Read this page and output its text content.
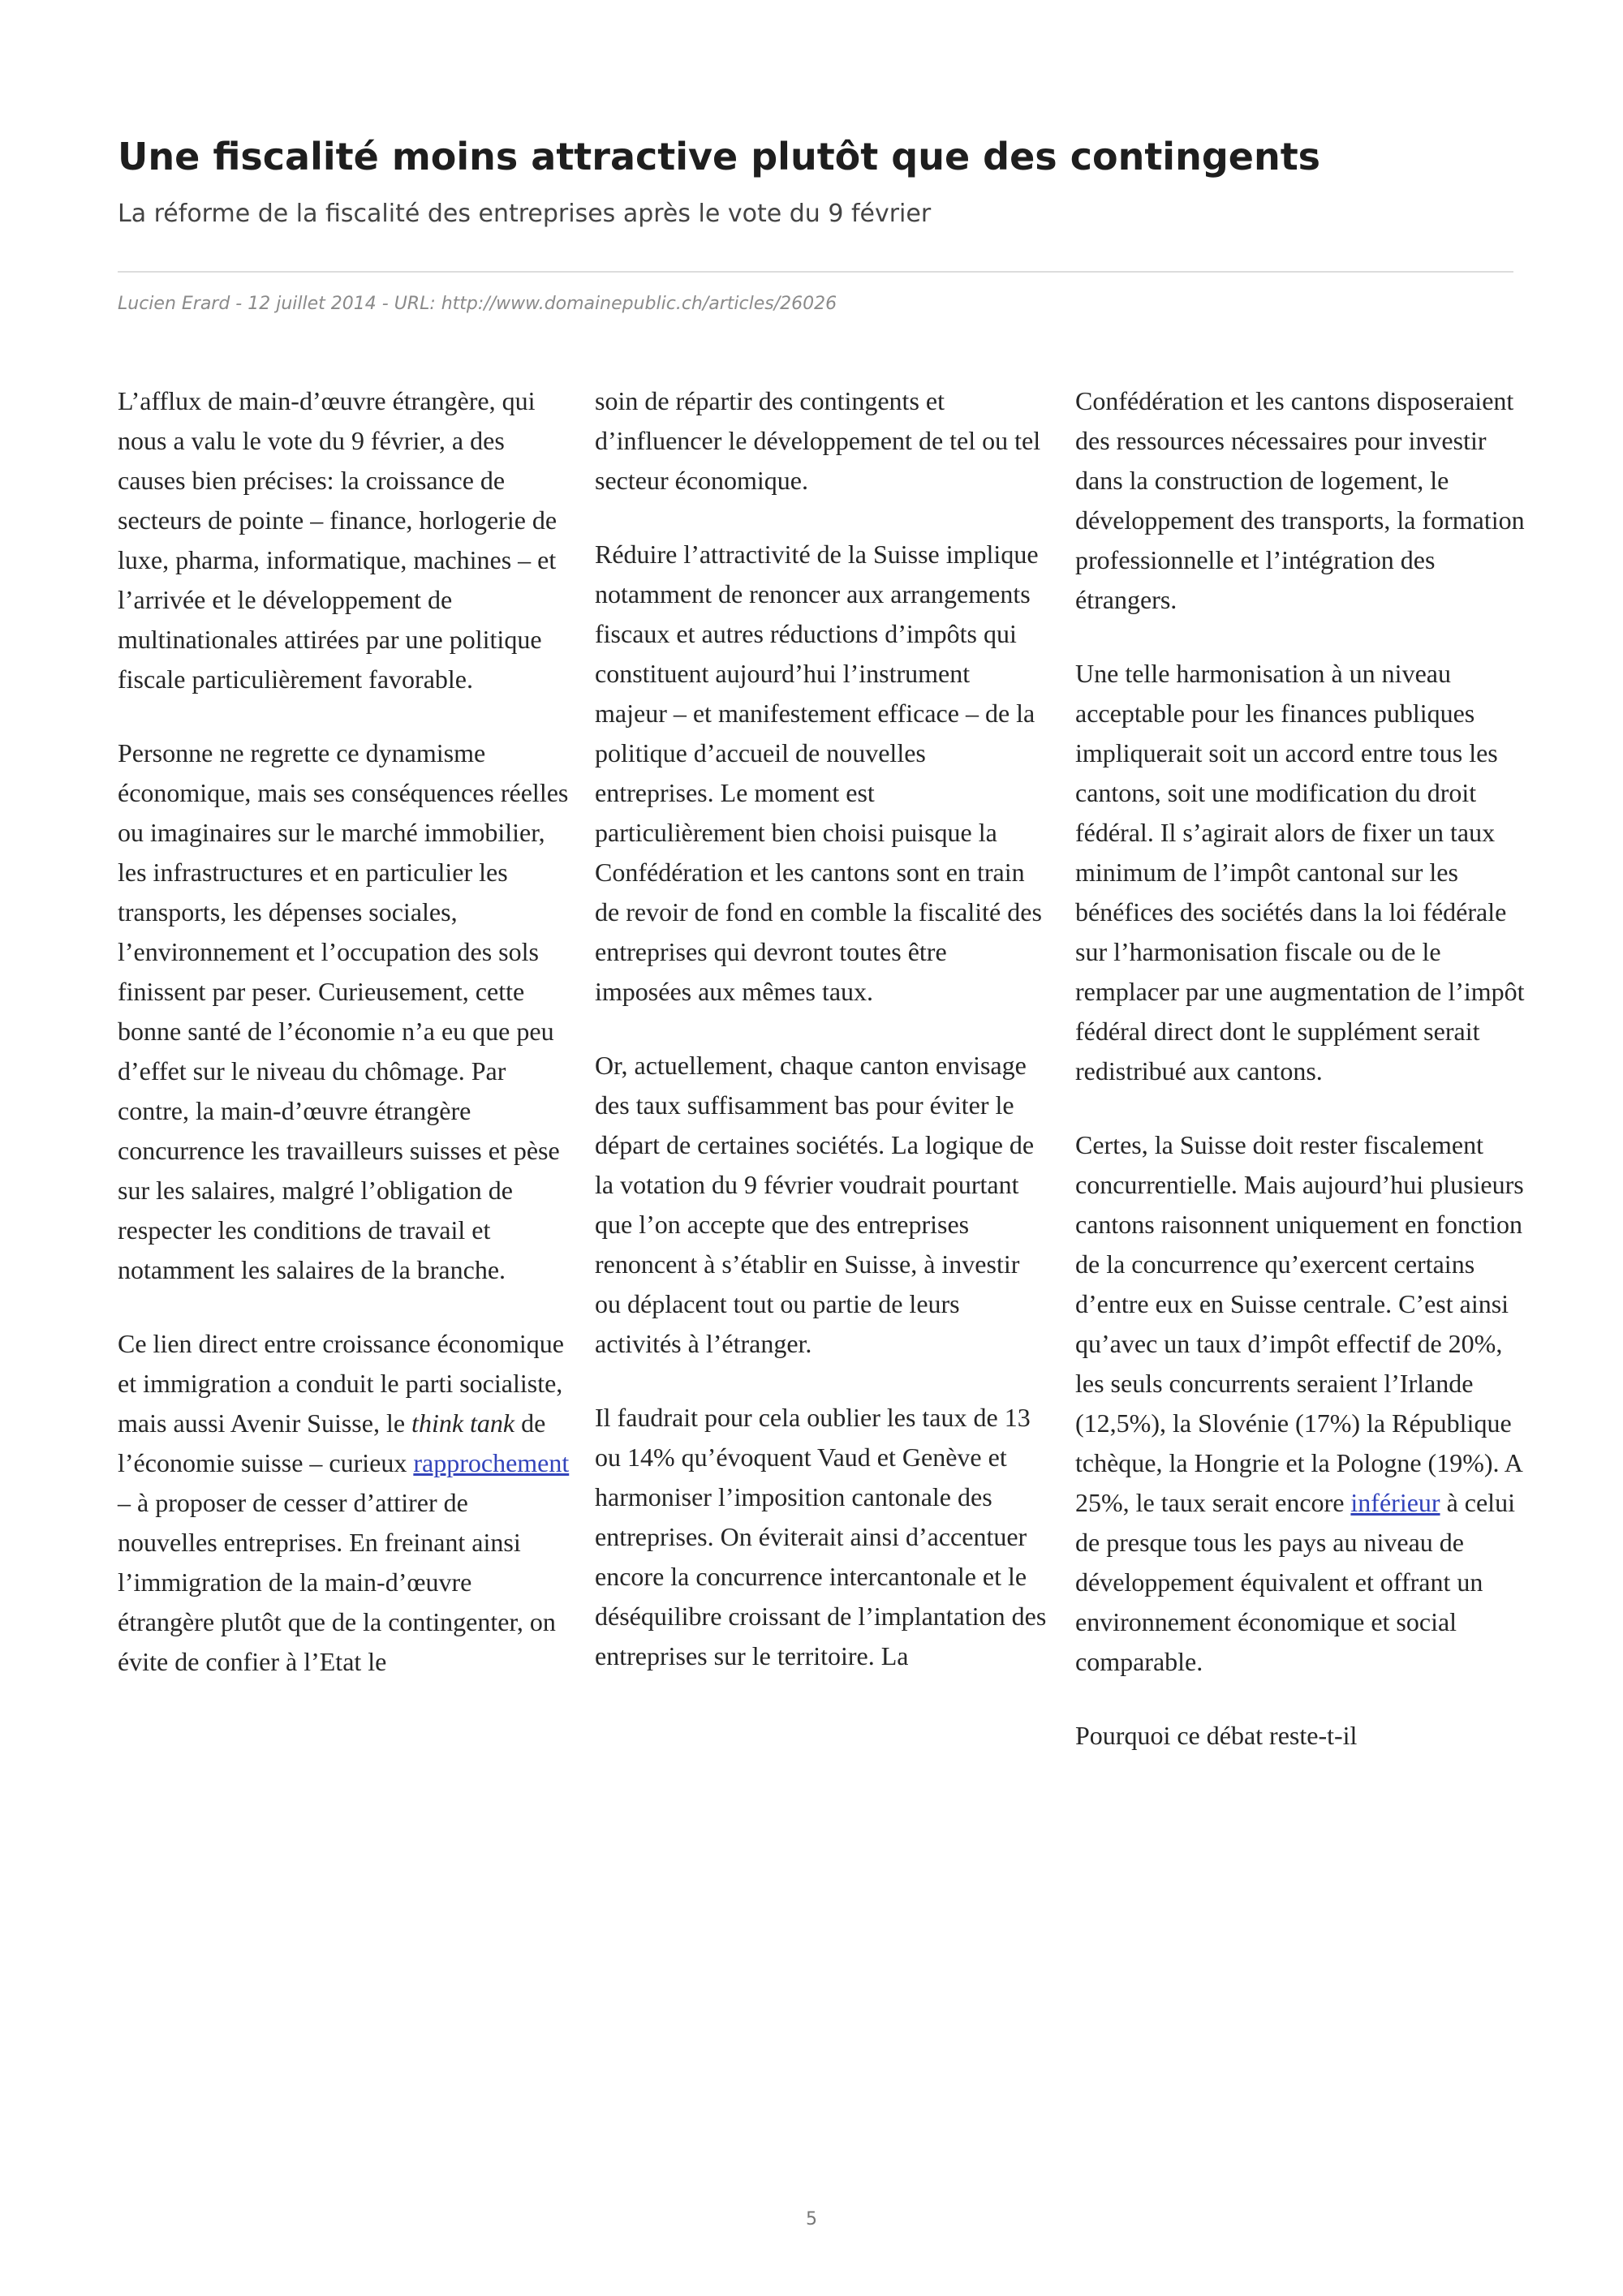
Une fiscalité moins attractive plutôt que des contingents
La réforme de la fiscalité des entreprises après le vote du 9 février
Lucien Erard - 12 juillet 2014 - URL: http://www.domainepublic.ch/articles/26026

L’afflux de main-d’œuvre étrangère, qui nous a valu le vote du 9 février, a des causes bien précises: la croissance de secteurs de pointe – finance, horlogerie de luxe, pharma, informatique, machines – et l’arrivée et le développement de multinationales attirées par une politique fiscale particulièrement favorable.

Personne ne regrette ce dynamisme économique, mais ses conséquences réelles ou imaginaires sur le marché immobilier, les infrastructures et en particulier les transports, les dépenses sociales, l’environnement et l’occupation des sols finissent par peser. Curieusement, cette bonne santé de l’économie n’a eu que peu d’effet sur le niveau du chômage. Par contre, la main-d’œuvre étrangère concurrence les travailleurs suisses et pèse sur les salaires, malgré l’obligation de respecter les conditions de travail et notamment les salaires de la branche.

Ce lien direct entre croissance économique et immigration a conduit le parti socialiste, mais aussi Avenir Suisse, le think tank de l’économie suisse – curieux rapprochement – à proposer de cesser d’attirer de nouvelles entreprises. En freinant ainsi l’immigration de la main-d’œuvre étrangère plutôt que de la contingenter, on évite de confier à l’Etat le

soin de répartir des contingents et d’influencer le développement de tel ou tel secteur économique.

Réduire l’attractivité de la Suisse implique notamment de renoncer aux arrangements fiscaux et autres réductions d’impôts qui constituent aujourd’hui l’instrument majeur – et manifestement efficace – de la politique d’accueil de nouvelles entreprises. Le moment est particulièrement bien choisi puisque la Confédération et les cantons sont en train de revoir de fond en comble la fiscalité des entreprises qui devront toutes être imposées aux mêmes taux.

Or, actuellement, chaque canton envisage des taux suffisamment bas pour éviter le départ de certaines sociétés. La logique de la votation du 9 février voudrait pourtant que l’on accepte que des entreprises renoncent à s’établir en Suisse, à investir ou déplacent tout ou partie de leurs activités à l’étranger.

Il faudrait pour cela oublier les taux de 13 ou 14% qu’évoquent Vaud et Genève et harmoniser l’imposition cantonale des entreprises. On éviterait ainsi d’accentuer encore la concurrence intercantonale et le déséquilibre croissant de l’implantation des entreprises sur le territoire. La

Confédération et les cantons disposeraient des ressources nécessaires pour investir dans la construction de logement, le développement des transports, la formation professionnelle et l’intégration des étrangers.

Une telle harmonisation à un niveau acceptable pour les finances publiques impliquerait soit un accord entre tous les cantons, soit une modification du droit fédéral. Il s’agirait alors de fixer un taux minimum de l’impôt cantonal sur les bénéfices des sociétés dans la loi fédérale sur l’harmonisation fiscale ou de le remplacer par une augmentation de l’impôt fédéral direct dont le supplément serait redistribué aux cantons.

Certes, la Suisse doit rester fiscalement concurrentielle. Mais aujourd’hui plusieurs cantons raisonnent uniquement en fonction de la concurrence qu’exercent certains d’entre eux en Suisse centrale. C’est ainsi qu’avec un taux d’impôt effectif de 20%, les seuls concurrents seraient l’Irlande (12,5%), la Slovénie (17%) la République tchèque, la Hongrie et la Pologne (19%). A 25%, le taux serait encore inférieur à celui de presque tous les pays au niveau de développement équivalent et offrant un environnement économique et social comparable.

Pourquoi ce débat reste-t-il

5
